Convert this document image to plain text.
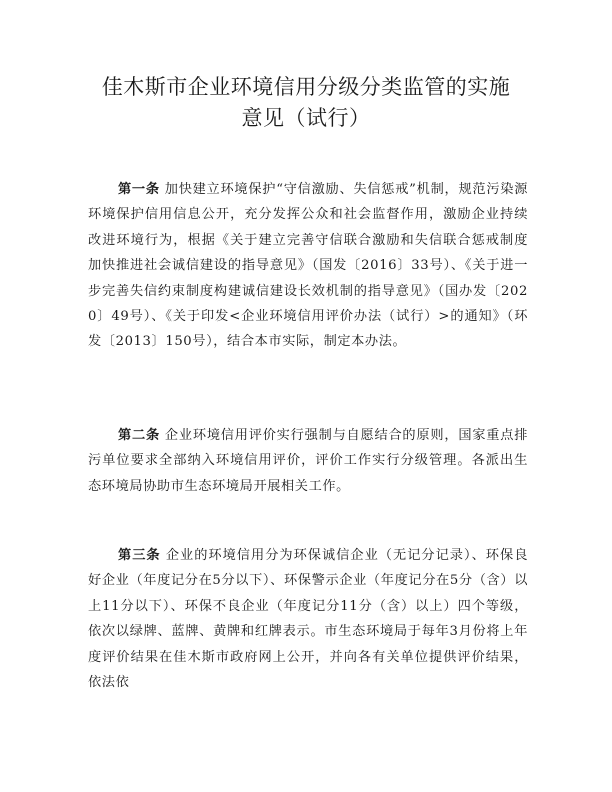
佳木斯市企业环境信用分级分类监管的实施
意见（试行）

第一条 加快建立环境保护“守信激励、失信惩戒”机制，规范污染源环境保护信用信息公开，充分发挥公众和社会监督作用，激励企业持续改进环境行为，根据《关于建立完善守信联合激励和失信联合惩戒制度加快推进社会诚信建设的指导意见》（国发〔2016〕33号）、《关于进一步完善失信约束制度构建诚信建设长效机制的指导意见》（国办发〔2020〕49号）、《关于印发<企业环境信用评价办法（试行）>的通知》（环发〔2013〕150号），结合本市实际，制定本办法。

第二条 企业环境信用评价实行强制与自愿结合的原则，国家重点排污单位要求全部纳入环境信用评价，评价工作实行分级管理。各派出生态环境局协助市生态环境局开展相关工作。

第三条 企业的环境信用分为环保诚信企业（无记分记录）、环保良好企业（年度记分在5分以下）、环保警示企业（年度记分在5分（含）以上11分以下）、环保不良企业（年度记分11分（含）以上）四个等级，依次以绿牌、蓝牌、黄牌和红牌表示。市生态环境局于每年3月份将上年度评价结果在佳木斯市政府网上公开，并向各有关单位提供评价结果，依法依
